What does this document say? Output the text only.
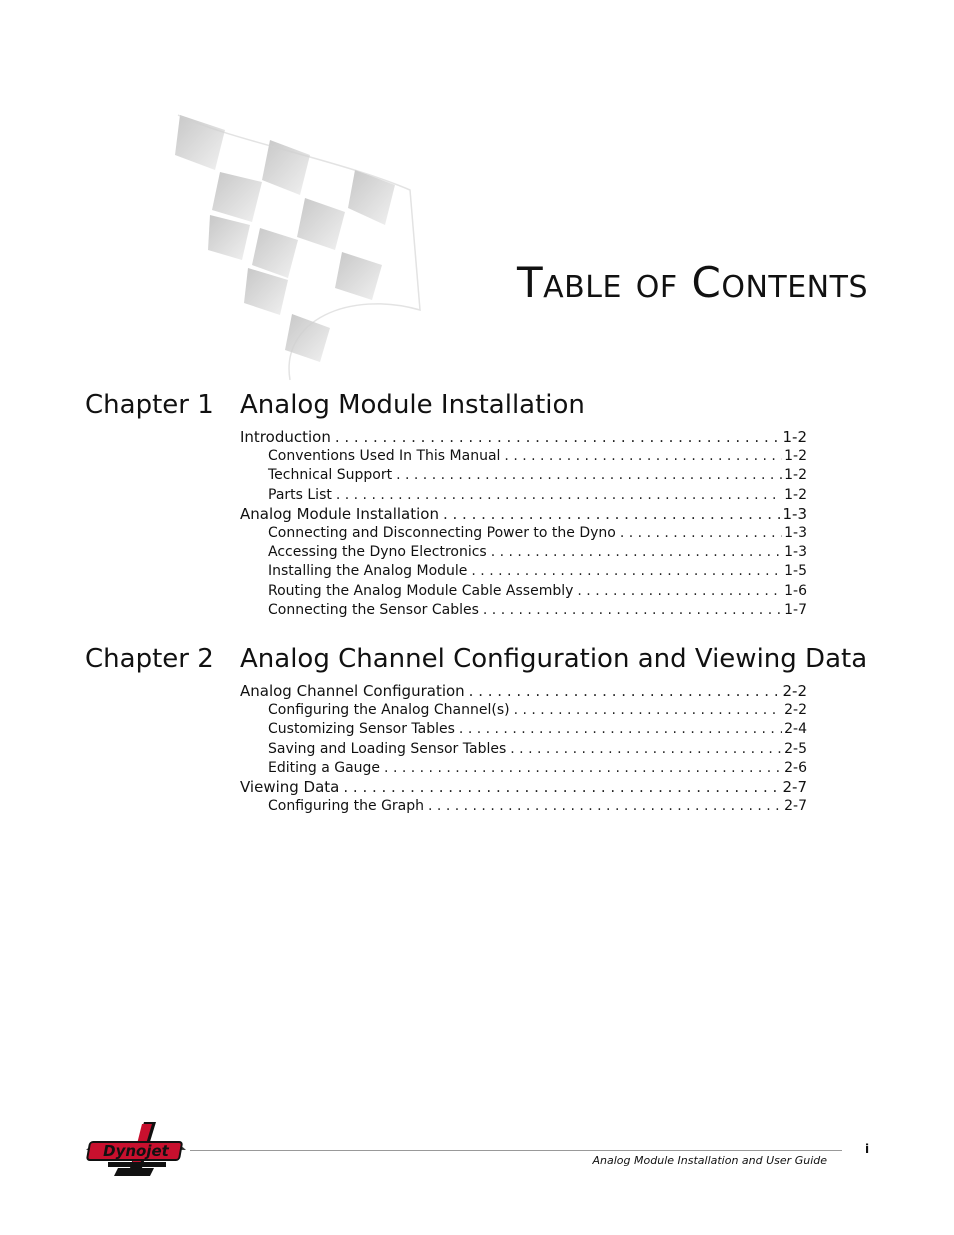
TABLE OF CONTENTS
Chapter 1 Analog Module Installation
Introduction . . .	1-2
Conventions Used In This Manual . . .	1-2
Technical Support . . .	1-2
Parts List . . .	1-2
Analog Module Installation . . .	1-3
Connecting and Disconnecting Power to the Dyno . . .	1-3
Accessing the Dyno Electronics . . .	1-3
Installing the Analog Module . . .	1-5
Routing the Analog Module Cable Assembly . . .	1-6
Connecting the Sensor Cables . . .	1-7
Chapter 2 Analog Channel Configuration and Viewing Data
Analog Channel Configuration . . .	2-2
Configuring the Analog Channel(s) . . .	2-2
Customizing Sensor Tables . . .	2-4
Saving and Loading Sensor Tables . . .	2-5
Editing a Gauge . . .	2-6
Viewing Data . . .	2-7
Configuring the Graph . . .	2-7
Dynojet
Analog Module Installation and User Guide
i
